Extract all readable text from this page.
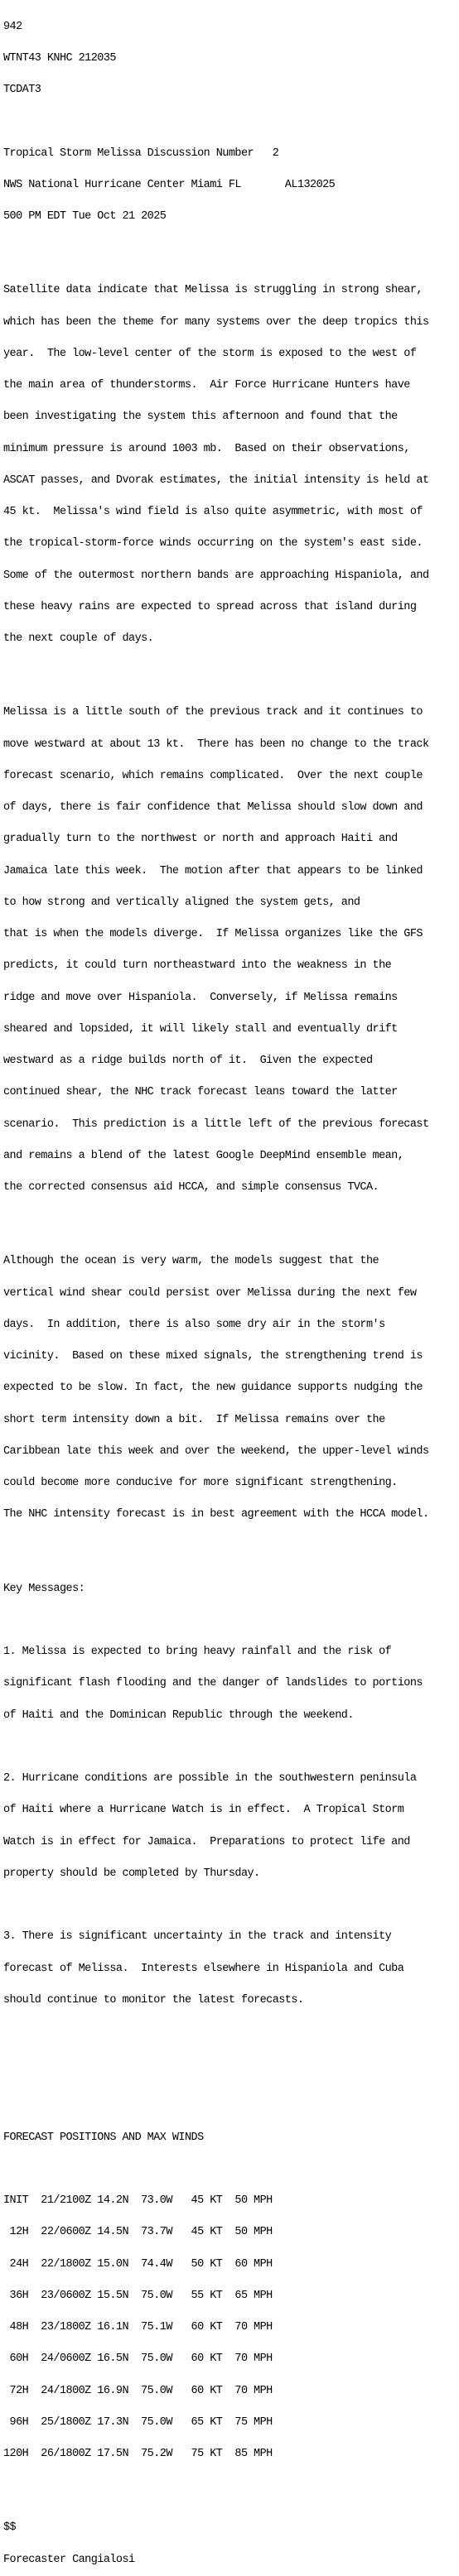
942

WTNT43 KNHC 212035

TCDAT3

Tropical Storm Melissa Discussion Number   2

NWS National Hurricane Center Miami FL       AL132025

500 PM EDT Tue Oct 21 2025

Satellite data indicate that Melissa is struggling in strong shear,

which has been the theme for many systems over the deep tropics this

year.  The low-level center of the storm is exposed to the west of

the main area of thunderstorms.  Air Force Hurricane Hunters have

been investigating the system this afternoon and found that the

minimum pressure is around 1003 mb.  Based on their observations,

ASCAT passes, and Dvorak estimates, the initial intensity is held at

45 kt.  Melissa's wind field is also quite asymmetric, with most of

the tropical-storm-force winds occurring on the system's east side.

Some of the outermost northern bands are approaching Hispaniola, and

these heavy rains are expected to spread across that island during

the next couple of days.

Melissa is a little south of the previous track and it continues to

move westward at about 13 kt.  There has been no change to the track

forecast scenario, which remains complicated.  Over the next couple

of days, there is fair confidence that Melissa should slow down and

gradually turn to the northwest or north and approach Haiti and

Jamaica late this week.  The motion after that appears to be linked

to how strong and vertically aligned the system gets, and

that is when the models diverge.  If Melissa organizes like the GFS

predicts, it could turn northeastward into the weakness in the

ridge and move over Hispaniola.  Conversely, if Melissa remains

sheared and lopsided, it will likely stall and eventually drift

westward as a ridge builds north of it.  Given the expected

continued shear, the NHC track forecast leans toward the latter

scenario.  This prediction is a little left of the previous forecast

and remains a blend of the latest Google DeepMind ensemble mean,

the corrected consensus aid HCCA, and simple consensus TVCA.

Although the ocean is very warm, the models suggest that the

vertical wind shear could persist over Melissa during the next few

days.  In addition, there is also some dry air in the storm's

vicinity.  Based on these mixed signals, the strengthening trend is

expected to be slow. In fact, the new guidance supports nudging the

short term intensity down a bit.  If Melissa remains over the

Caribbean late this week and over the weekend, the upper-level winds

could become more conducive for more significant strengthening.

The NHC intensity forecast is in best agreement with the HCCA model.

Key Messages:

1. Melissa is expected to bring heavy rainfall and the risk of

significant flash flooding and the danger of landslides to portions

of Haiti and the Dominican Republic through the weekend.

2. Hurricane conditions are possible in the southwestern peninsula

of Haiti where a Hurricane Watch is in effect.  A Tropical Storm

Watch is in effect for Jamaica.  Preparations to protect life and

property should be completed by Thursday.

3. There is significant uncertainty in the track and intensity

forecast of Melissa.  Interests elsewhere in Hispaniola and Cuba

should continue to monitor the latest forecasts.

FORECAST POSITIONS AND MAX WINDS

INIT  21/2100Z 14.2N  73.0W   45 KT  50 MPH

12H  22/0600Z 14.5N  73.7W   45 KT  50 MPH

24H  22/1800Z 15.0N  74.4W   50 KT  60 MPH

36H  23/0600Z 15.5N  75.0W   55 KT  65 MPH

48H  23/1800Z 16.1N  75.1W   60 KT  70 MPH

60H  24/0600Z 16.5N  75.0W   60 KT  70 MPH

72H  24/1800Z 16.9N  75.0W   60 KT  70 MPH

96H  25/1800Z 17.3N  75.0W   65 KT  75 MPH

120H  26/1800Z 17.5N  75.2W   75 KT  85 MPH

$$

Forecaster Cangialosi
